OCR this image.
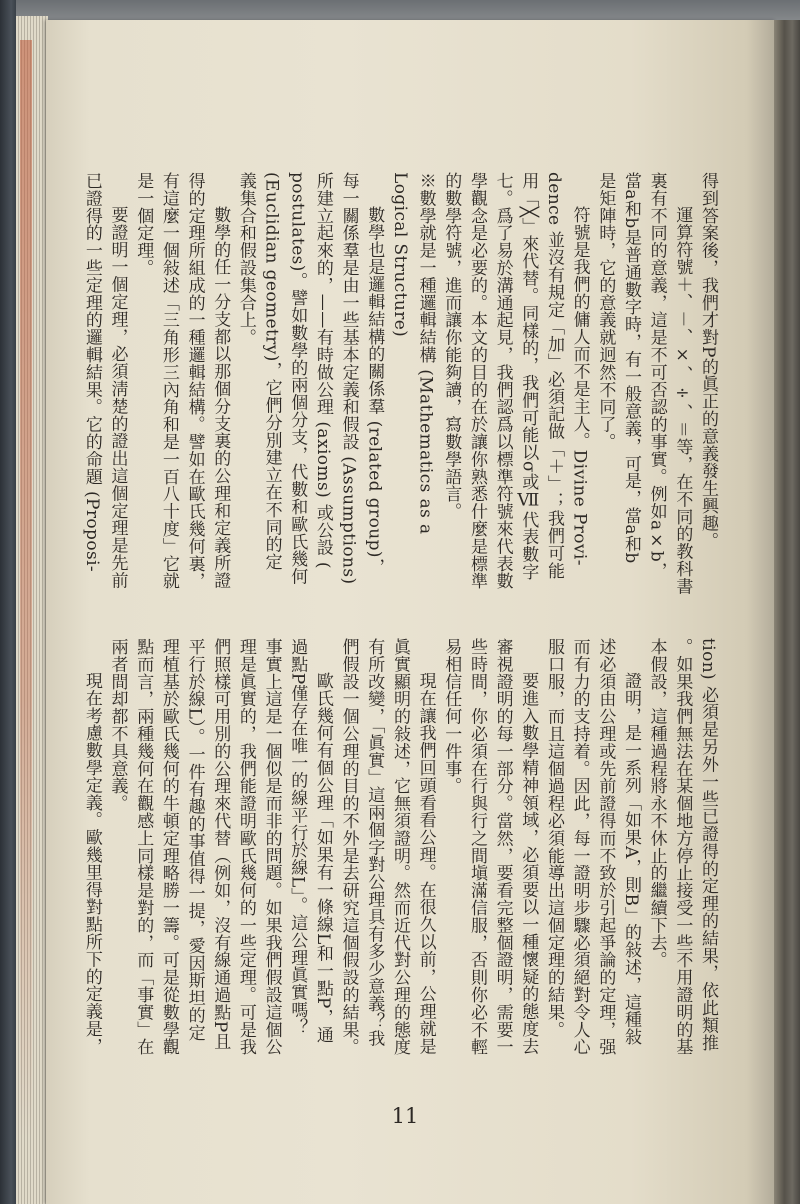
得到答案後，我們才對P的眞正的意義發生興趣。
運算符號＋、－、×、÷、＝等，在不同的教科書
裏有不同的意義，這是不可否認的事實。例如a×b，
當a和b是普通數字時，有一般意義，可是，當a和b
是矩陣時，它的意義就迥然不同了。
符號是我們的傭人而不是主人。Divine Provi-
dence 並沒有規定「加」必須記做「＋」；我們可能
用「╳」來代替。同樣的，我們可能以σ或Ⅶ代表數字
七。爲了易於溝通起見，我們認爲以標準符號來代表數
學觀念是必要的。本文的目的在於讓你熟悉什麼是標準
的數學符號，進而讓你能夠讀，寫數學語言。
※數學就是一種邏輯結構 (Mathematics as a
Logical Structure)
數學也是邏輯結構的關係羣 (related group)，
每一關係羣是由一些基本定義和假設 (Assumptions)
所建立起來的，——有時做公理 (axioms) 或公設 (
postulates)。譬如數學的兩個分支，代數和歐氏幾何
(Euclidian geometry)，它們分別建立在不同的定
義集合和假設集合上。
數學的任一分支都以那個分支裏的公理和定義所證
得的定理所組成的一種邏輯結構。譬如在歐氏幾何裏，
有這麼一個敍述「三角形三內角和是一百八十度」它就
是一個定理。
要證明一個定理，必須淸楚的證出這個定理是先前
已證得的一些定理的邏輯結果。它的命題 (Proposi-
tion) 必須是另外一些已證得的定理的結果，依此類推
。如果我們無法在某個地方停止接受一些不用證明的基
本假設，這種過程將永不休止的繼續下去。
證明，是一系列「如果A，則B」的敍述，這種敍
述必須由公理或先前證得而不致於引起爭論的定理，强
而有力的支持着。因此，每一證明步驟必須絕對令人心
服口服，而且這個過程必須能導出這個定理的結果。
要進入數學精神領域，必須要以一種懷疑的態度去
審視證明的每一部分。當然，要看完整個證明，需要一
些時間，你必須在行與行之間塡滿信服，否則你必不輕
易相信任何一件事。
現在讓我們回頭看看公理。在很久以前，公理就是
眞實顯明的敍述，它無須證明。然而近代對公理的態度
有所改變，「眞實」這兩個字對公理具有多少意義？我
們假設一個公理的目的不外是去研究這個假設的結果。
歐氏幾何有個公理「如果有一條線L和一點P，通
過點P僅存在唯一的線平行於線L」。這公理眞實嗎？
事實上這是一個似是而非的問題。如果我們假設這個公
理是眞實的，我們能證明歐氏幾何的一些定理。可是我
們照樣可用別的公理來代替（例如，沒有線通過點P且
平行於線L）。一件有趣的事值得一提，愛因斯坦的定
理植基於歐氏幾何的牛頓定理略勝一籌。可是從數學觀
點而言，兩種幾何在觀感上同樣是對的，而「事實」在
兩者間却都不具意義。
現在考慮數學定義。歐幾里得對點所下的定義是，
11
